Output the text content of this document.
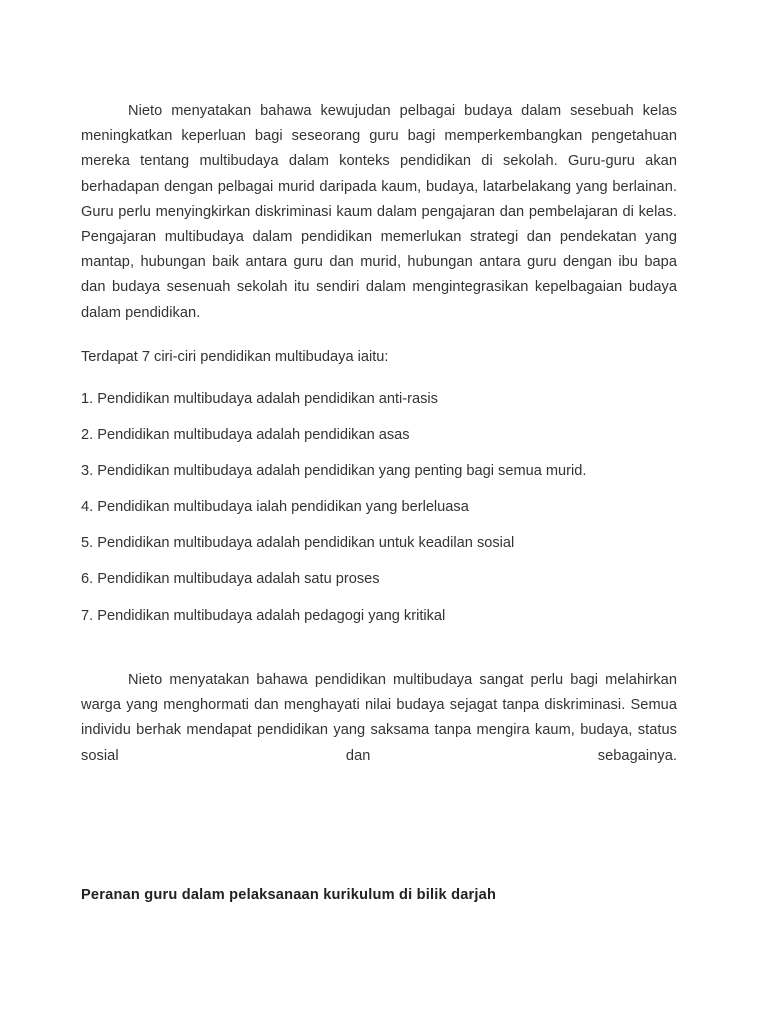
Nieto menyatakan bahawa kewujudan pelbagai budaya dalam sesebuah kelas meningkatkan keperluan bagi seseorang guru bagi memperkembangkan pengetahuan mereka tentang multibudaya dalam konteks pendidikan di sekolah. Guru-guru akan berhadapan dengan pelbagai murid daripada kaum, budaya, latarbelakang yang berlainan. Guru perlu menyingkirkan diskriminasi kaum dalam pengajaran dan pembelajaran di kelas. Pengajaran multibudaya dalam pendidikan memerlukan strategi dan pendekatan yang mantap, hubungan baik antara guru dan murid, hubungan antara guru dengan ibu bapa dan budaya sesenuah sekolah itu sendiri dalam mengintegrasikan kepelbagaian budaya dalam pendidikan.

Terdapat 7 ciri-ciri pendidikan multibudaya iaitu:

1. Pendidikan multibudaya adalah pendidikan anti-rasis
2. Pendidikan multibudaya adalah pendidikan asas
3. Pendidikan multibudaya adalah pendidikan yang penting bagi semua murid.
4. Pendidikan multibudaya ialah pendidikan yang berleluasa
5. Pendidikan multibudaya adalah pendidikan untuk keadilan sosial
6. Pendidikan multibudaya adalah satu proses
7. Pendidikan multibudaya adalah pedagogi yang kritikal

Nieto menyatakan bahawa pendidikan multibudaya sangat perlu bagi melahirkan warga yang menghormati dan menghayati nilai budaya sejagat tanpa diskriminasi. Semua individu berhak mendapat pendidikan yang saksama tanpa mengira kaum, budaya, status sosial dan sebagainya.

Peranan guru dalam pelaksanaan kurikulum di bilik darjah
